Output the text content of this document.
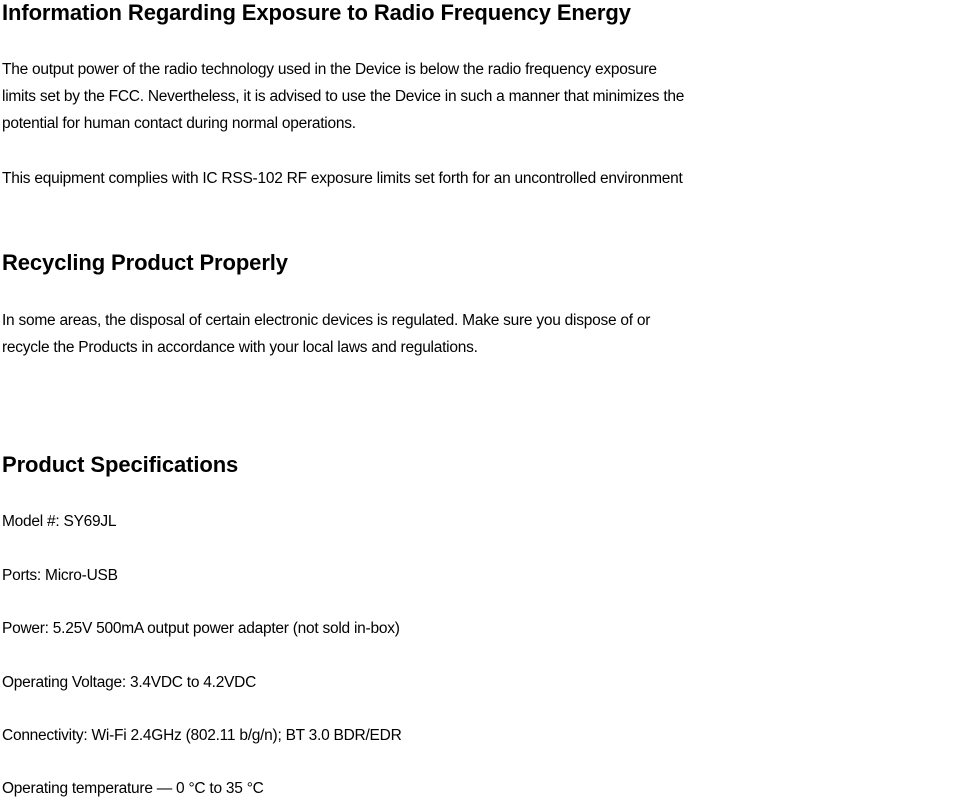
Information Regarding Exposure to Radio Frequency Energy

The output power of the radio technology used in the Device is below the radio frequency exposure
limits set by the FCC. Nevertheless, it is advised to use the Device in such a manner that minimizes the
potential for human contact during normal operations.

This equipment complies with IC RSS-102 RF exposure limits set forth for an uncontrolled environment

Recycling Product Properly

In some areas, the disposal of certain electronic devices is regulated. Make sure you dispose of or
recycle the Products in accordance with your local laws and regulations.

Product Specifications

Model #: SY69JL

Ports: Micro-USB

Power: 5.25V 500mA output power adapter (not sold in-box)

Operating Voltage: 3.4VDC to 4.2VDC

Connectivity: Wi-Fi 2.4GHz (802.11 b/g/n); BT 3.0 BDR/EDR

Operating temperature — 0 °C to 35 °C
